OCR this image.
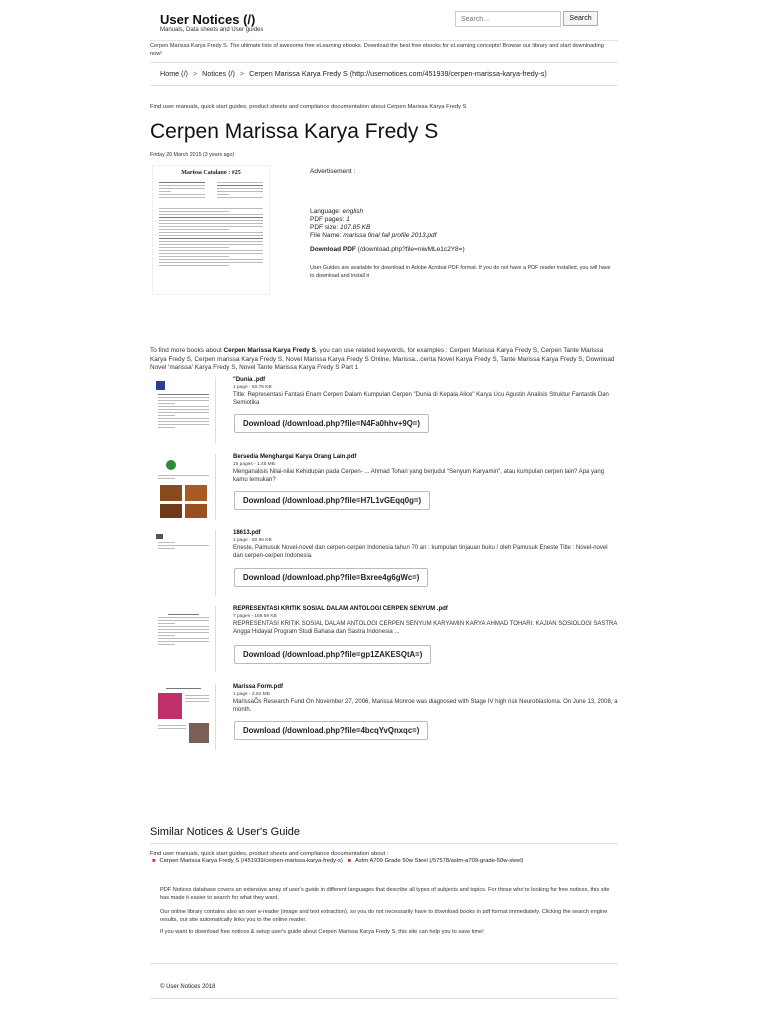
User Notices (/)
Manuals, Data sheets and User guides
Search...
Search
Cerpen Marissa Karya Fredy S. The ultimate lists of awesome free eLearning ebooks. Download the best free ebooks for eLearning concepts! Browse our library and start downloading now!
Home (/) > Notices (/) > Cerpen Marissa Karya Fredy S (http://usernotices.com/451939/cerpen-marissa-karya-fredy-s)
Find user manuals, quick start guides, product sheets and compliance documentation about Cerpen Marissa Karya Fredy S
Cerpen Marissa Karya Fredy S
Friday 20 March 2015 (3 years ago)
Marissa Catalano : #25	Advertisement :
Language: english
PDF pages: 1
PDF size: 107.85 KB
File Name: marissa final fall profile 2013.pdf
Download PDF (/download.php?file=niwMLe1c2Y8=)
User Guides are available for download in Adobe Acrobat PDF format. If you do not have a PDF reader installed, you will have to download and install it
To find more books about Cerpen Marissa Karya Fredy S, you can use related keywords, for examples : Cerpen Marissa Karya Fredy S, Cerpen Tante Marissa Karya Fredy S, Cerpen marissa Karya Fredy S, Novel Marissa Karya Fredy S Online, Marissa...cerita Novel Karya Fredy S, Tante Marissa Karya Fredy S, Download Novel 'marissa' Karya Fredy S, Novel Tante Marissa Karya Fredy S Part 1
"Dunia .pdf
1 page - 50.76 KB
Title: Representasi Fantasi Enam Cerpen Dalam Kumpulan Cerpen "Dunia di Kepala Alice" Karya Ucu Agustin Analisis Struktur Fantastik Dan Semiotika
Download (/download.php?file=N4Fa0hhv+9Q=)
Bersedia Menghargai Karya Orang Lain.pdf
16 pages - 1.45 MB
Menganalisis Nilai-nilai Kehidupan pada Cerpen- ... Ahmad Tohari yang berjudul "Senyum Karyamin", atau kumpulan cerpen lain? Apa yang kamu temukan?
Download (/download.php?file=H7L1vGEqq0g=)
18613.pdf
1 page - 50.96 KB
Eneste, Pamusuk Novel-novel dan cerpen-cerpen Indonesia tahun 70 an : kumpulan tinjauan buku / oleh Pamusuk Eneste Title : Novel-novel dan cerpen-cerpen Indonesia.
Download (/download.php?file=Bxree4g6gWc=)
REPRESENTASI KRITIK SOSIAL DALAM ANTOLOGI CERPEN SENYUM .pdf
7 pages - 169.69 KB
REPRESENTASI KRITIK SOSIAL DALAM ANTOLOGI CERPEN SENYUM KARYAMIN KARYA AHMAD TOHARI: KAJIAN SOSIOLOGI SASTRA Angga Hidayat Program Studi Bahasa dan Sastra Indonesia ...
Download (/download.php?file=gp1ZAKESQtA=)
Marissa Form.pdf
1 page - 2.92 MB
MarissaÕs Research Fund On November 27, 2006, Marissa Monroe was diagnosed with Stage IV high risk Neuroblastoma. On June 13, 2008, a month.
Download (/download.php?file=4bcqYvQnxqc=)
Similar Notices & User's Guide
Find user manuals, quick start guides, product sheets and compliance documentation about :
■ Cerpen Marissa Karya Fredy S (/451939/cerpen-marissa-karya-fredy-s) ■ Astm A709 Grade 50w Steel (/57578/astm-a709-grade-50w-steel)
PDF Notices database covers an extensive array of user's guide in different languages that describe all types of subjects and topics. For those who're looking for free notices, this site has made it easier to search for what they want.
Our online library contains also an own e-reader (image and text extraction), so you do not necessarily have to download books in pdf format immediately. Clicking the search engine results, our site automatically links you to the online reader.
If you want to download free notices & setup user's guide about Cerpen Marissa Karya Fredy S, this site can help you to save time!
© User Notices 2018
